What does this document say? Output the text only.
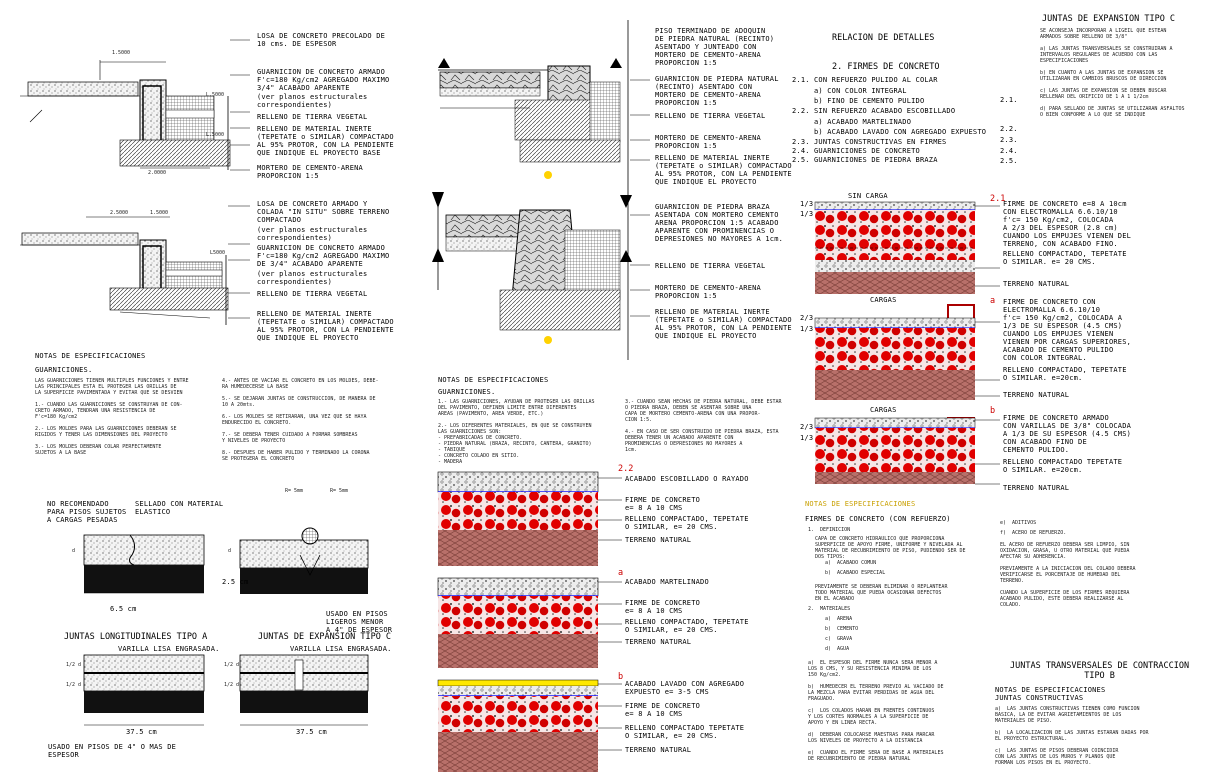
JUNTAS DE EXPANSION TIPO C
RELACION DE DETALLES
2. FIRMES DE CONCRETO
2.1. CON REFUERZO PULIDO AL COLAR
a) CON COLOR INTEGRAL
b) FINO DE CEMENTO PULIDO
2.2. SIN REFUERZO ACABADO ESCOBILLADO
a) ACABADO MARTELINADO
b) ACABADO LAVADO CON AGREGADO EXPUESTO
2.3. JUNTAS CONSTRUCTIVAS EN FIRMES
2.4. GUARNICIONES DE CONCRETO
2.5. GUARNICIONES DE PIEDRA BRAZA
LOSA DE CONCRETO PRECOLADO DE
10 cms. DE ESPESOR
GUARNICION DE CONCRETO ARMADO
F'c=180 Kg/cm2 AGREGADO MAXIMO
3/4" ACABADO APARENTE
(ver planos estructurales
correspondientes)
RELLENO DE TIERRA VEGETAL
RELLENO DE MATERIAL INERTE
(TEPETATE o SIMILAR) COMPACTADO
AL 95% PROTOR, CON LA PENDIENTE
QUE INDIQUE EL PROYECTO BASE
MORTERO DE CEMENTO-ARENA
PROPORCION 1:5
1.5000
2.0000
L.5000
L.5000
LOSA DE CONCRETO ARMADO Y
COLADA "IN SITU" SOBRE TERRENO
COMPACTADO
(ver planos estructurales
correspondientes)
GUARNICION DE CONCRETO ARMADO
F'c=180 Kg/cm2 AGREGADO MAXIMO
DE 3/4" ACABADO APARENTE
(ver planos estructurales
correspondientes)
RELLENO DE TIERRA VEGETAL
RELLENO DE MATERIAL INERTE
(TEPETATE o SIMILAR) COMPACTADO
AL 95% PROTOR, CON LA PENDIENTE
QUE INDIQUE EL PROYECTO
2.5000	1.5000
L5000
PISO TERMINADO DE ADOQUIN
DE PIEDRA NATURAL (RECINTO)
ASENTADO Y JUNTEADO CON
MORTERO DE CEMENTO-ARENA
PROPORCION 1:5
GUARNICION DE PIEDRA NATURAL
(RECINTO) ASENTADO CON
MORTERO DE CEMENTO-ARENA
PROPORCION 1:5
RELLENO DE TIERRA VEGETAL
MORTERO DE CEMENTO-ARENA
PROPORCION 1:5
RELLENO DE MATERIAL INERTE
(TEPETATE o SIMILAR) COMPACTADO
AL 95% PROTOR, CON LA PENDIENTE
QUE INDIQUE EL PROYECTO
GUARNICION DE PIEDRA BRAZA
ASENTADA CON MORTERO CEMENTO
ARENA PROPORCION 1:5 ACABADO
APARENTE CON PROMINENCIAS O
DEPRESIONES NO MAYORES A 1cm.
RELLENO DE TIERRA VEGETAL
MORTERO DE CEMENTO-ARENA
PROPORCION 1:5
RELLENO DE MATERIAL INERTE
(TEPETATE o SIMILAR) COMPACTADO
AL 95% PROTOR, CON LA PENDIENTE
QUE INDIQUE EL PROYECTO
NOTAS DE ESPECIFICACIONES
GUARNICIONES.
LAS GUARNICIONES TIENEN MULTIPLES FUNCIONES Y ENTRE
LAS PRINCIPALES ESTA EL PROTEGER LAS ORILLAS DE
LA SUPERFICIE PAVIMENTADA Y EVITAR QUE SE DESVIEN

1.- CUANDO LAS GUARNICIONES SE CONSTRUYAN DE CON-
CRETO ARMADO, TENDRAN UNA RESISTENCIA DE
F'c=180 Kg/cm2

2.- LOS MOLDES PARA LAS GUARNICIONES DEBERAN SE
RIGIDOS Y TENER LAS DIMENSIONES DEL PROYECTO

3.- LOS MOLDES DEBERAN COLAR PERFECTAMENTE
SUJETOS A LA BASE
4.- ANTES DE VACIAR EL CONCRETO EN LOS MOLDES, DEBE-
RA HUMEDECERSE LA BASE

5.- SE DEJARAN JUNTAS DE CONSTRUCCION, DE MANERA DE
10 A 20mts.

6.- LOS MOLDES SE RETIRARAN, UNA VEZ QUE SE HAYA
ENDURECIDO EL CONCRETO.

7.- SE DEBERA TENER CUIDADO A FORMAR SOMBREAS
Y NIVELES DE PROYECTO

8.- DESPUES DE HABER PULIDO Y TERMINADO LA CORONA
SE PROTEGERA EL CONCRETO
R= 5mm	R= 5mm
NOTAS DE ESPECIFICACIONES
GUARNICIONES.
1.- LAS GUARNICIONES, AYUDAN DE PROTEGER LAS ORILLAS
DEL PAVIMENTO, DEFINEN LIMITE ENTRE DIFERENTES
AREAS (PAVIMENTO, AREA VERDE, ETC.)

2.- LOS DIFERENTES MATERIALES, EN QUE SE CONSTRUYEN
LAS GUARNICIONES SON:
- PREFABRICADAS DE CONCRETO.
- PIEDRA NATURAL (BRAZA, RECINTO, CANTERA, GRANITO)
- TABIQUE
- CONCRETO COLADO EN SITIO.
- MADERA
3.- CUANDO SEAN HECHAS DE PIEDRA NATURAL, DEBE ESTAR
O PIEDRA BRAZA, DEBEN SE ASENTAR SOBRE UNA
CAPA DE MORTERO CEMENTO-ARENA CON UNA PROPOR-
CION 1:5.

4.- EN CASO DE SER CONSTRUIDO DE PIEDRA BRAZA, ESTA
DEBERA TENER UN ACABADO APARENTE CON
PROMINENCIAS O DEPRESIONES NO MAYORES A
1cm.
NO RECOMENDADO
PARA PISOS SUJETOS
A CARGAS PESADAS
SELLADO CON MATERIAL
ELASTICO
6.5 cm
2.5 cm
USADO EN PISOS
LIGEROS MENOR
A 4" DE ESPESOR
JUNTAS LONGITUDINALES TIPO A	JUNTAS DE EXPANSION TIPO C
VARILLA LISA ENGRASADA.	VARILLA LISA ENGRASADA.
37.5 cm	37.5 cm
USADO EN PISOS DE 4" O MAS DE
ESPESOR
1/2 d
1/2 d
1/2 d
1/2 d
d	d
2.2
a
b
ACABADO ESCOBILLADO O RAYADO
FIRME DE CONCRETO
e= 8 A 10 CMS
RELLENO COMPACTADO, TEPETATE
O SIMILAR, e= 20 CMS.
TERRENO NATURAL
ACABADO MARTELINADO
FIRME DE CONCRETO
e= 8 A 10 CMS
RELLENO COMPACTADO, TEPETATE
O SIMILAR, e= 20 CMS.
TERRENO NATURAL
ACABADO LAVADO CON AGREGADO
EXPUESTO e= 3-5 CMS
FIRME DE CONCRETO
e= 8 A 10 CMS
RELLENO COMPACTADO TEPETATE
O SIMILAR, e= 20 CMS.
TERRENO NATURAL
SIN CARGA
CARGAS
CARGAS
2.1
a
b
1/3
1/3
2/3
1/3
2/3
1/3
FIRME DE CONCRETO e=8 A 10cm
CON ELECTROMALLA 6.6.10/10
f'c= 150 Kg/cm2, COLOCADA
A 2/3 DEL ESPESOR (2.8 cm)
CUANDO LOS EMPUJES VIENEN DEL
TERRENO, CON ACABADO FINO.
RELLENO COMPACTADO, TEPETATE
O SIMILAR. e= 20 CMS.
TERRENO NATURAL
FIRME DE CONCRETO CON
ELECTROMALLA 6.6.10/10
f'c= 150 Kg/cm2, COLOCADA A
1/3 DE SU ESPESOR (4.5 CMS)
CUANDO LOS EMPUJES VIENEN
VIENEN POR CARGAS SUPERIORES,
ACABADO DE CEMENTO PULIDO
CON COLOR INTEGRAL.
RELLENO COMPACTADO, TEPETATE
O SIMILAR. e=20cm.
TERRENO NATURAL
FIRME DE CONCRETO ARMADO
CON VARILLAS DE 3/8" COLOCADA
A 1/3 DE SU ESPESOR (4.5 CMS)
CON ACABADO FINO DE
CEMENTO PULIDO.
RELLENO COMPACTADO TEPETATE
O SIMILAR. e=20cm.
TERRENO NATURAL
SE ACONSEJA INCORPORAR A LIGEIL QUE ESTEAN
ARMADOS SOBRE RELLENO DE 3/8"

a) LAS JUNTAS TRANSVERSALES SE CONSTRUIRAN A
INTERVALOS REGULARES DE ACUERDO CON LAS
ESPECIFICACIONES

b) EN CUANTO A LAS JUNTAS DE EXPANSION SE
UTILIZARAN EN CAMBIOS BRUSCOS DE DIRECCION

c) LAS JUNTAS DE EXPANSION SE DEBEN BUSCAR
RELLENAR DEL ORIFICIO DE 1 A 1 1/2cm

d) PARA SELLADO DE JUNTAS SE UTILIZARAN ASFALTOS
O BIEN CONFORME A LO QUE SE INDIQUE
2.1.
2.2.
2.3.
2.4.
2.5.
NOTAS DE ESPECIFICACIONES
FIRMES DE CONCRETO (CON REFUERZO)
1.  DEFINICION
CAPA DE CONCRETO HIDRAULICO QUE PROPORCIONA
SUPERFICIE DE APOYO FIRME, UNIFORME Y NIVELADA AL
MATERIAL DE RECUBRIMIENTO DE PISO, PUDIENDO SER DE
DOS TIPOS:
a)  ACABADO COMUN
b)  ACABADO ESPECIAL
PREVIAMENTE SE DEBERAN ELIMINAR O REPLANTEAR
TODO MATERIAL QUE PUEDA OCASIONAR DEFECTOS
EN EL ACABADO
2.  MATERIALES
a)  ARENA
b)  CEMENTO
c)  GRAVA
d)  AGUA
a)  EL ESPESOR DEL FIRME NUNCA SERA MENOR A
LOS 8 CMS, Y SU RESISTENCIA MINIMA DE LOS
150 Kg/cm2.

b)  HUMEDECER EL TERRENO PREVIO AL VACIADO DE
LA MEZCLA PARA EVITAR PERDIDAS DE AGUA DEL
FRAGUADO.

c)  LOS COLADOS HARAN EN FRENTES CONTINUOS
Y LOS CORTES NORMALES A LA SUPERFICIE DE
APOYO Y EN LINEA RECTA.

d)  DEBERAN COLOCARSE MAESTRAS PARA MARCAR
LOS NIVELES DE PROYECTO A LA DISTANCIA

e)  CUANDO EL FIRME SERA DE BASE A MATERIALES
DE RECUBRIMIENTO DE PIEDRA NATURAL
e)  ADITIVOS
f)  ACERO DE REFUERZO.
EL ACERO DE REFUERZO DEBERA SER LIMPIO, SIN
OXIDACION, GRASA, U OTRO MATERIAL QUE PUEDA
AFECTAR SU ADHERENCIA.

PREVIAMENTE A LA INICIACION DEL COLADO DEBERA
VERIFICARSE EL PORCENTAJE DE HUMEDAD DEL
TERRENO.

CUANDO LA SUPERFICIE DE LOS FIRMES REQUIERA
ACABADO PULIDO, ESTE DEBERA REALIZARSE AL
COLADO.
JUNTAS TRANSVERSALES DE CONTRACCION
TIPO B
NOTAS DE ESPECIFICACIONES
JUNTAS CONSTRUCTIVAS
a)  LAS JUNTAS CONSTRUCTIVAS TIENEN COMO FUNCION
BASICA, LA DE EVITAR AGRIETAMIENTOS DE LOS
MATERIALES DE PISO.

b)  LA LOCALIZACION DE LAS JUNTAS ESTARAN DADAS POR
EL PROYECTO ESTRUCTURAL.

c)  LAS JUNTAS DE PISOS DEBERAN COINCIDIR
CON LAS JUNTAS DE LOS MUROS Y PLANOS QUE
FORMAN LOS PISOS EN EL PROYECTO.
